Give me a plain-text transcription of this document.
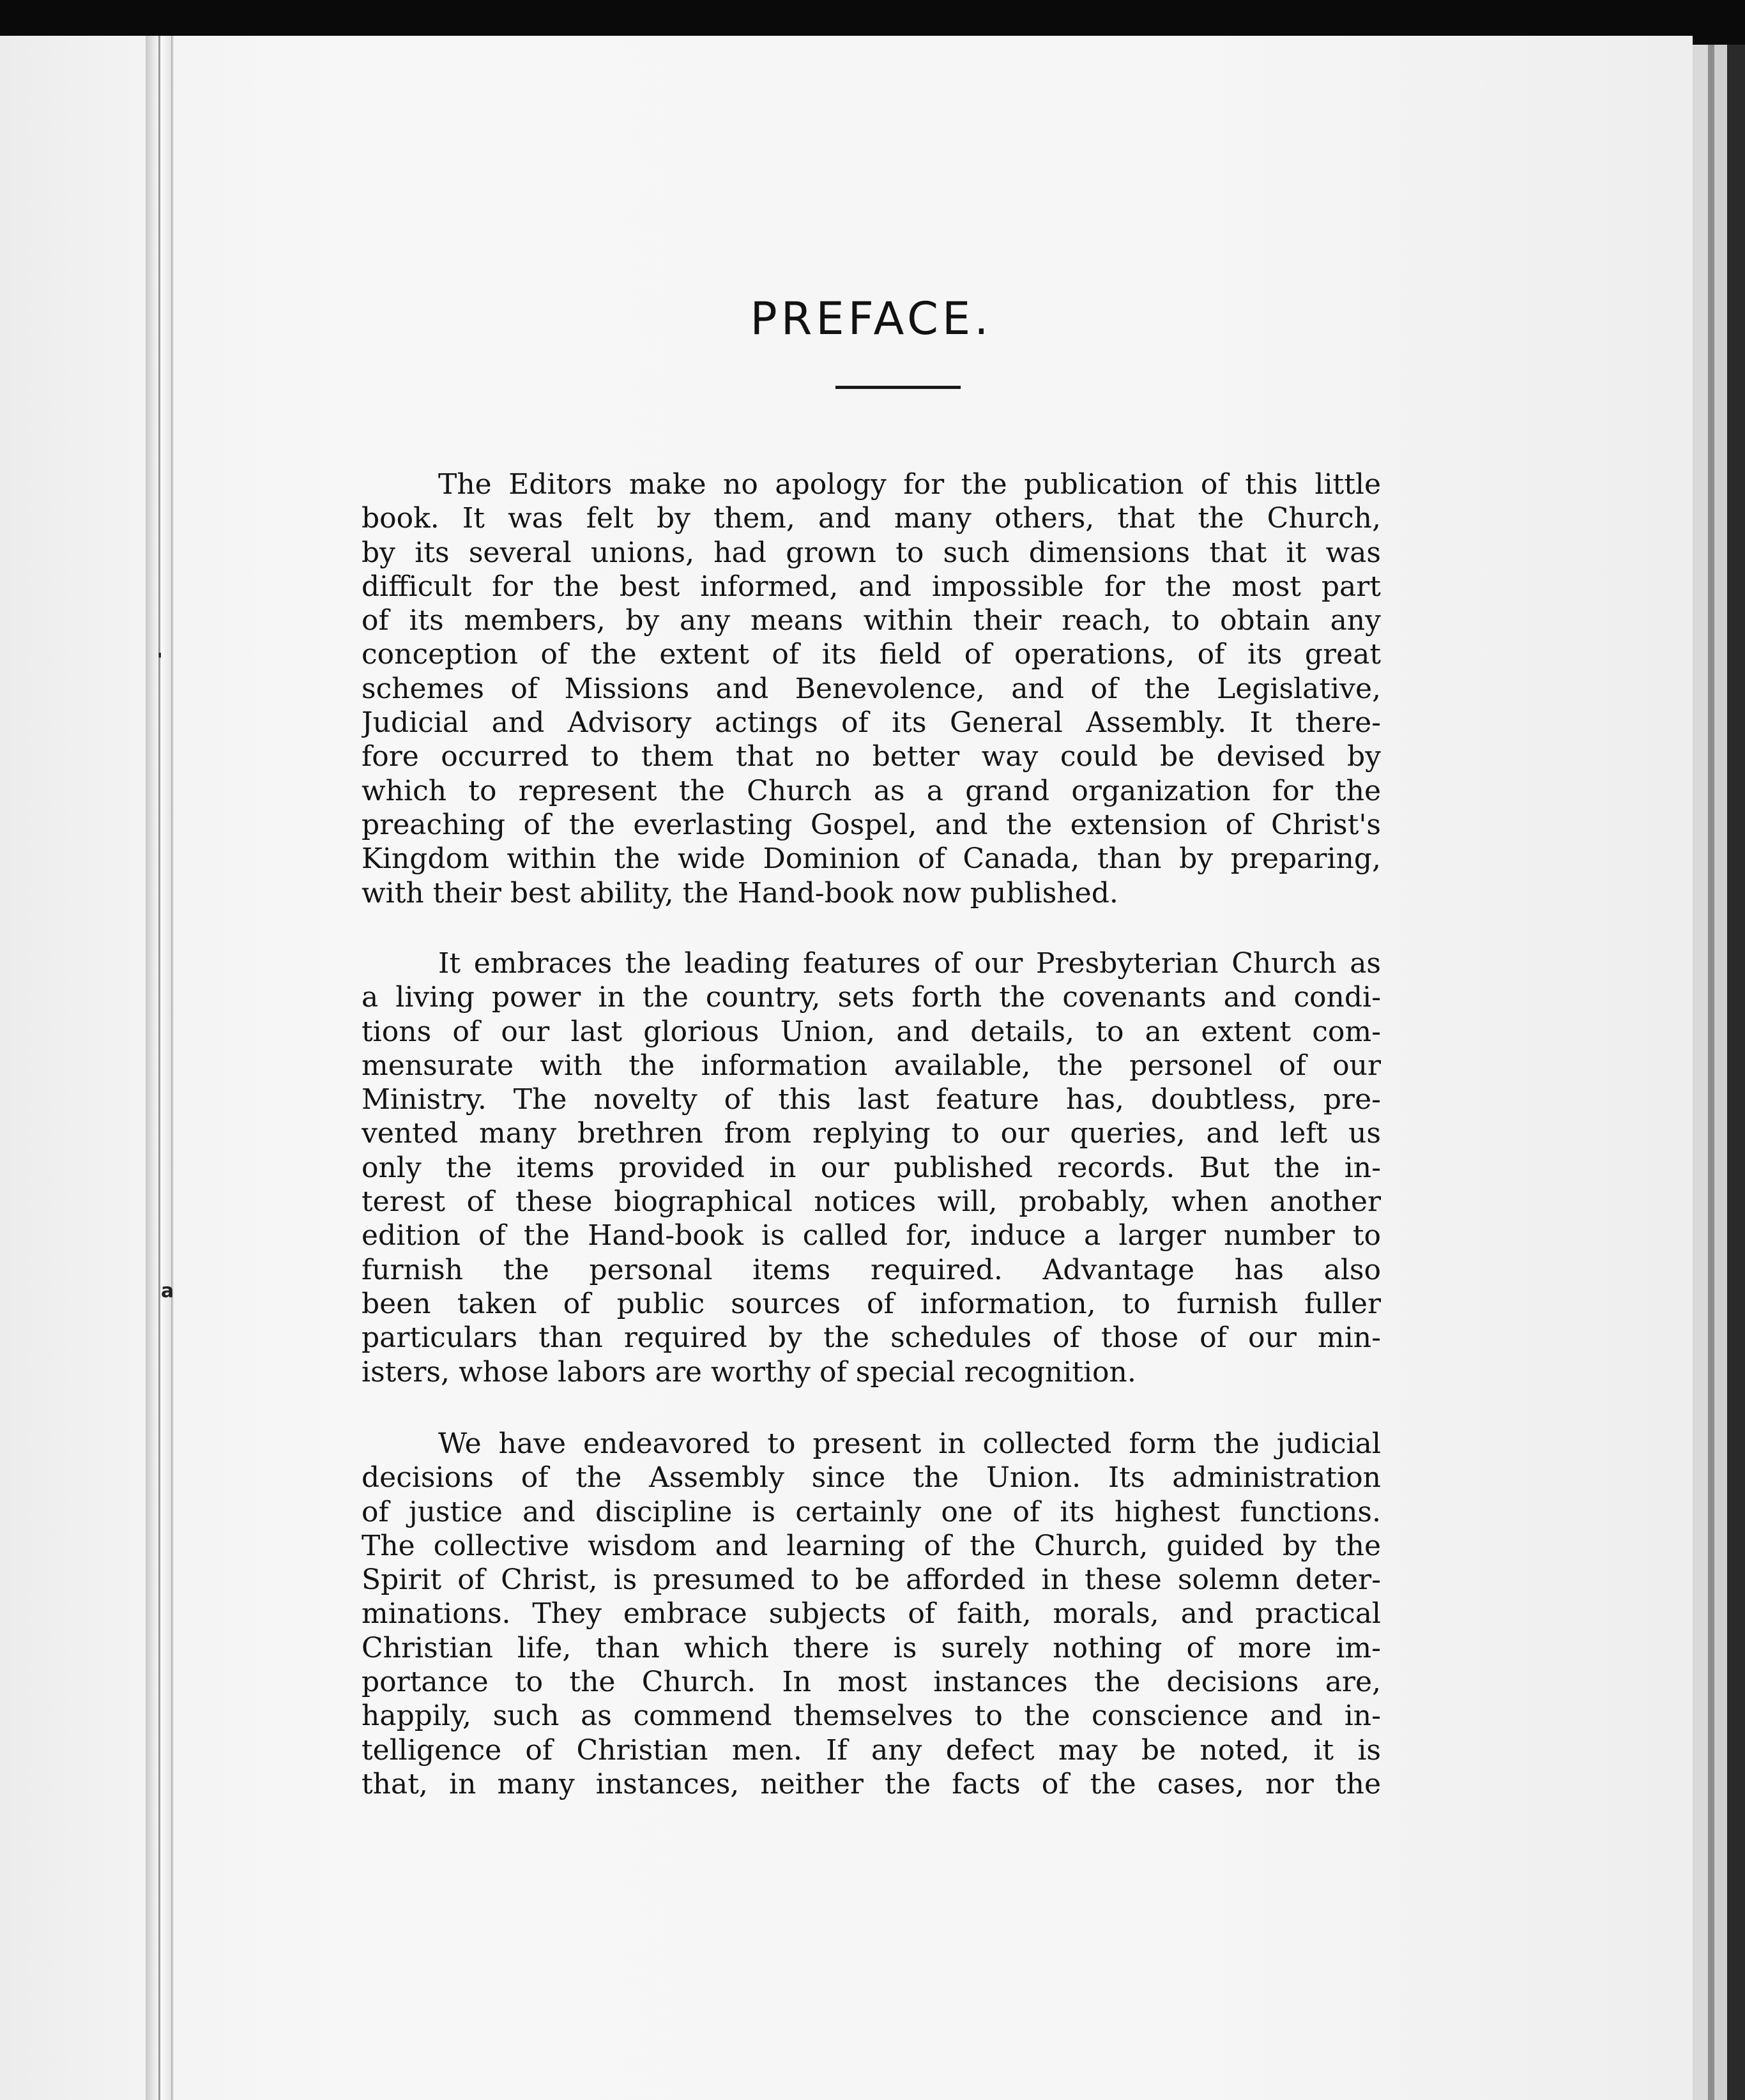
'
a
PREFACE.

The Editors make no apology for the publication of this little
book. It was felt by them, and many others, that the Church,
by its several unions, had grown to such dimensions that it was
difficult for the best informed, and impossible for the most part
of its members, by any means within their reach, to obtain any
conception of the extent of its field of operations, of its great
schemes of Missions and Benevolence, and of the Legislative,
Judicial and Advisory actings of its General Assembly. It there-
fore occurred to them that no better way could be devised by
which to represent the Church as a grand organization for the
preaching of the everlasting Gospel, and the extension of Christ's
Kingdom within the wide Dominion of Canada, than by preparing,
with their best ability, the Hand-book now published.

It embraces the leading features of our Presbyterian Church as
a living power in the country, sets forth the covenants and condi-
tions of our last glorious Union, and details, to an extent com-
mensurate with the information available, the personel of our
Ministry. The novelty of this last feature has, doubtless, pre-
vented many brethren from replying to our queries, and left us
only the items provided in our published records. But the in-
terest of these biographical notices will, probably, when another
edition of the Hand-book is called for, induce a larger number to
furnish the personal items required. Advantage has also
been taken of public sources of information, to furnish fuller
particulars than required by the schedules of those of our min-
isters, whose labors are worthy of special recognition.

We have endeavored to present in collected form the judicial
decisions of the Assembly since the Union. Its administration
of justice and discipline is certainly one of its highest functions.
The collective wisdom and learning of the Church, guided by the
Spirit of Christ, is presumed to be afforded in these solemn deter-
minations. They embrace subjects of faith, morals, and practical
Christian life, than which there is surely nothing of more im-
portance to the Church. In most instances the decisions are,
happily, such as commend themselves to the conscience and in-
telligence of Christian men. If any defect may be noted, it is
that, in many instances, neither the facts of the cases, nor the
